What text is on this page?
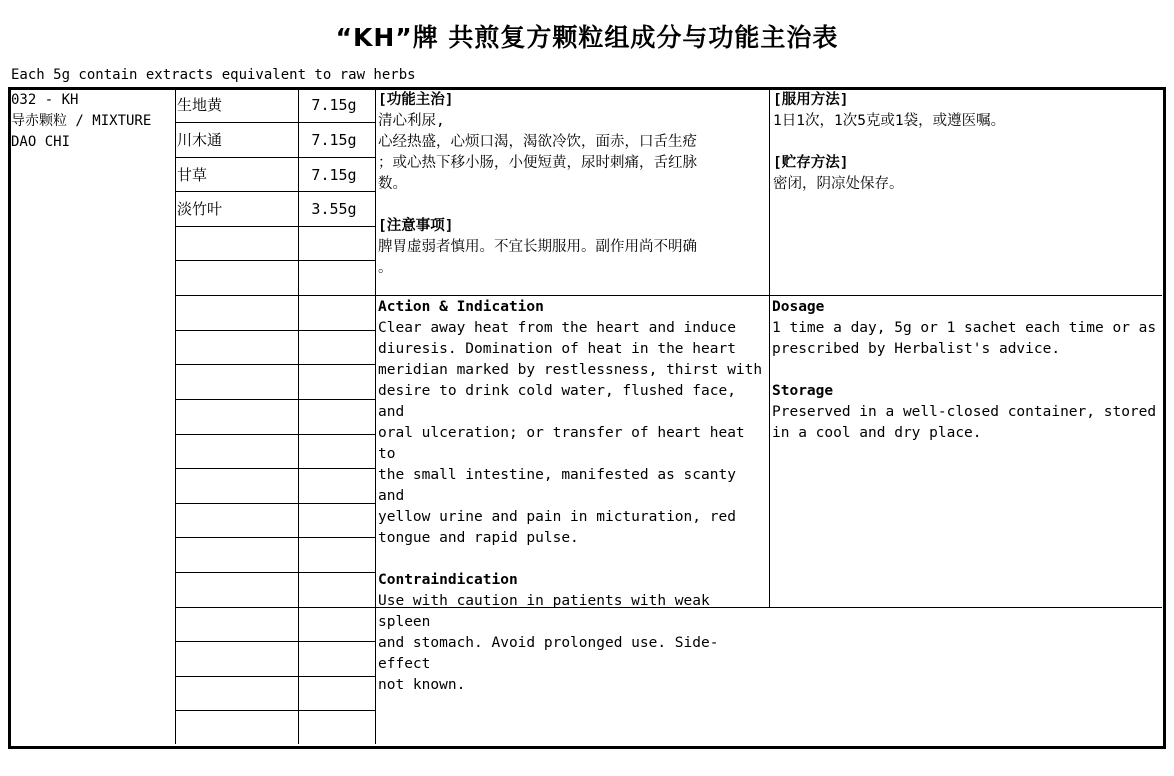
“KH”牌 共煎复方颗粒组成分与功能主治表
Each 5g contain extracts equivalent to raw herbs
032 - KH
导赤颗粒 / MIXTURE
DAO CHI
生地黄	7.15g
川木通	7.15g
甘草	7.15g
淡竹叶	3.55g
[功能主治]
清心利尿,
心经热盛，心烦口渴，渴欲冷饮，面赤，口舌生疮
；或心热下移小肠，小便短黄，尿时刺痛，舌红脉
数。
[注意事项]
脾胃虚弱者慎用。不宜长期服用。副作用尚不明确
。
[服用方法]
1日1次，1次5克或1袋，或遵医嘱。
[贮存方法]
密闭，阴凉处保存。
Action & Indication
Clear away heat from the heart and induce
diuresis. Domination of heat in the heart
meridian marked by restlessness, thirst with
desire to drink cold water, flushed face, and
oral ulceration; or transfer of heart heat to
the small intestine, manifested as scanty and
yellow urine and pain in micturation, red
tongue and rapid pulse.
Contraindication
Use with caution in patients with weak spleen
and stomach. Avoid prolonged use. Side-effect
not known.
Dosage
1 time a day, 5g or 1 sachet each time or as
prescribed by Herbalist's advice.
Storage
Preserved in a well-closed container, stored
in a cool and dry place.
